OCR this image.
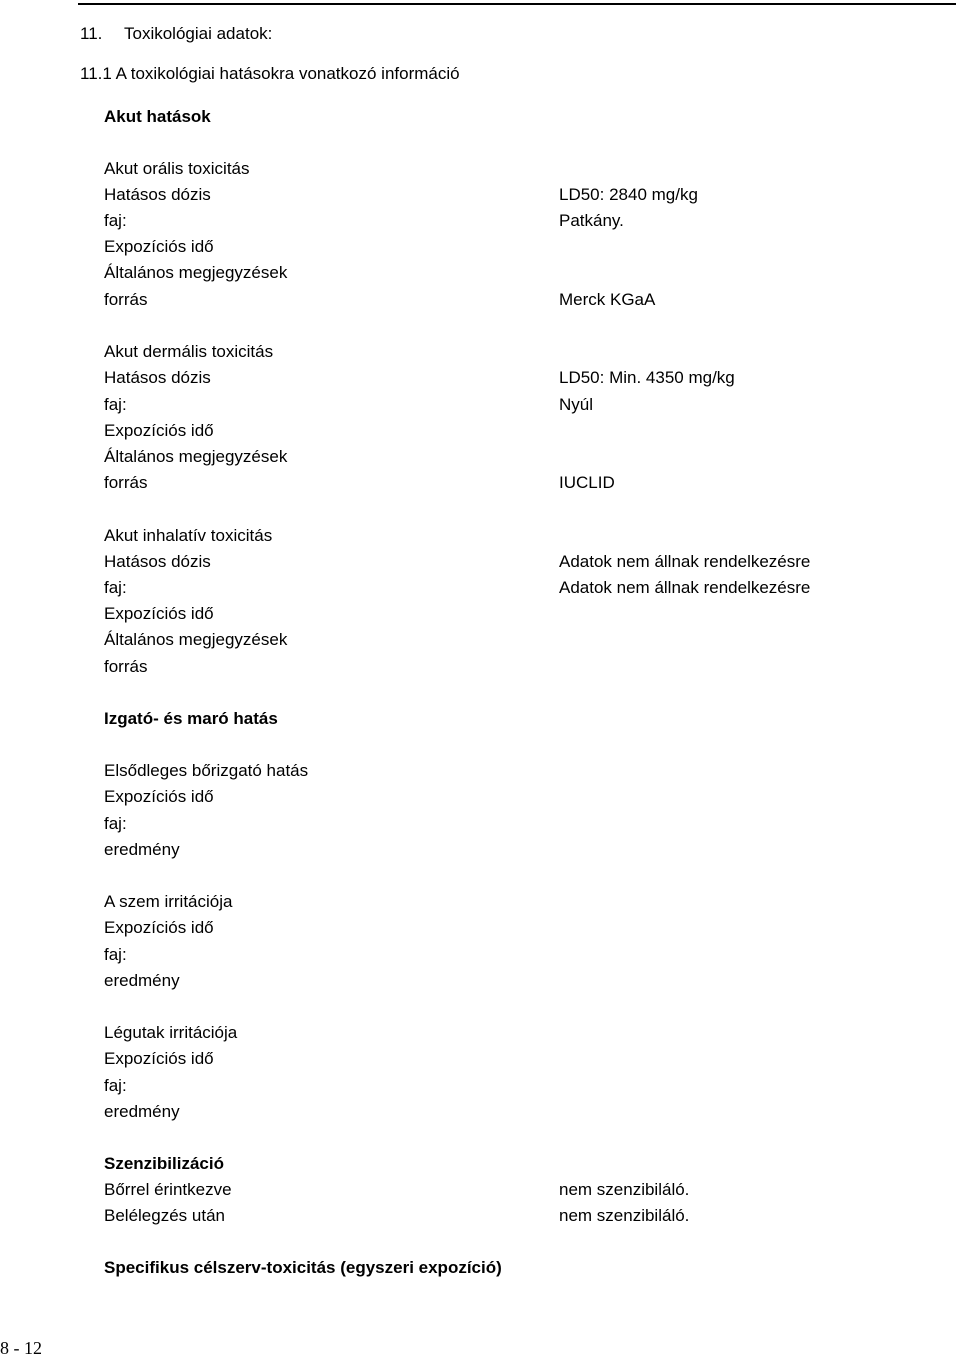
11. Toxikológiai adatok:
11.1 A toxikológiai hatásokra vonatkozó információ
Akut hatások
Akut orális toxicitás
Hatásos dózis
faj:
Expozíciós idő
Általános megjegyzések
forrás
LD50: 2840 mg/kg
Patkány.
Merck KGaA
Akut dermális toxicitás
Hatásos dózis
faj:
Expozíciós idő
Általános megjegyzések
forrás
LD50: Min. 4350 mg/kg
Nyúl
IUCLID
Akut inhalatív toxicitás
Hatásos dózis
faj:
Expozíciós idő
Általános megjegyzések
forrás
Adatok nem állnak rendelkezésre
Adatok nem állnak rendelkezésre
Izgató- és maró hatás
Elsődleges bőrizgató hatás
Expozíciós idő
faj:
eredmény
A szem irritációja
Expozíciós idő
faj:
eredmény
Légutak irritációja
Expozíciós idő
faj:
eredmény
Szenzibilizáció
Bőrrel érintkezve	nem szenzibiláló.
Belélegzés után	nem szenzibiláló.
Specifikus célszerv-toxicitás (egyszeri expozíció)
8 - 12
